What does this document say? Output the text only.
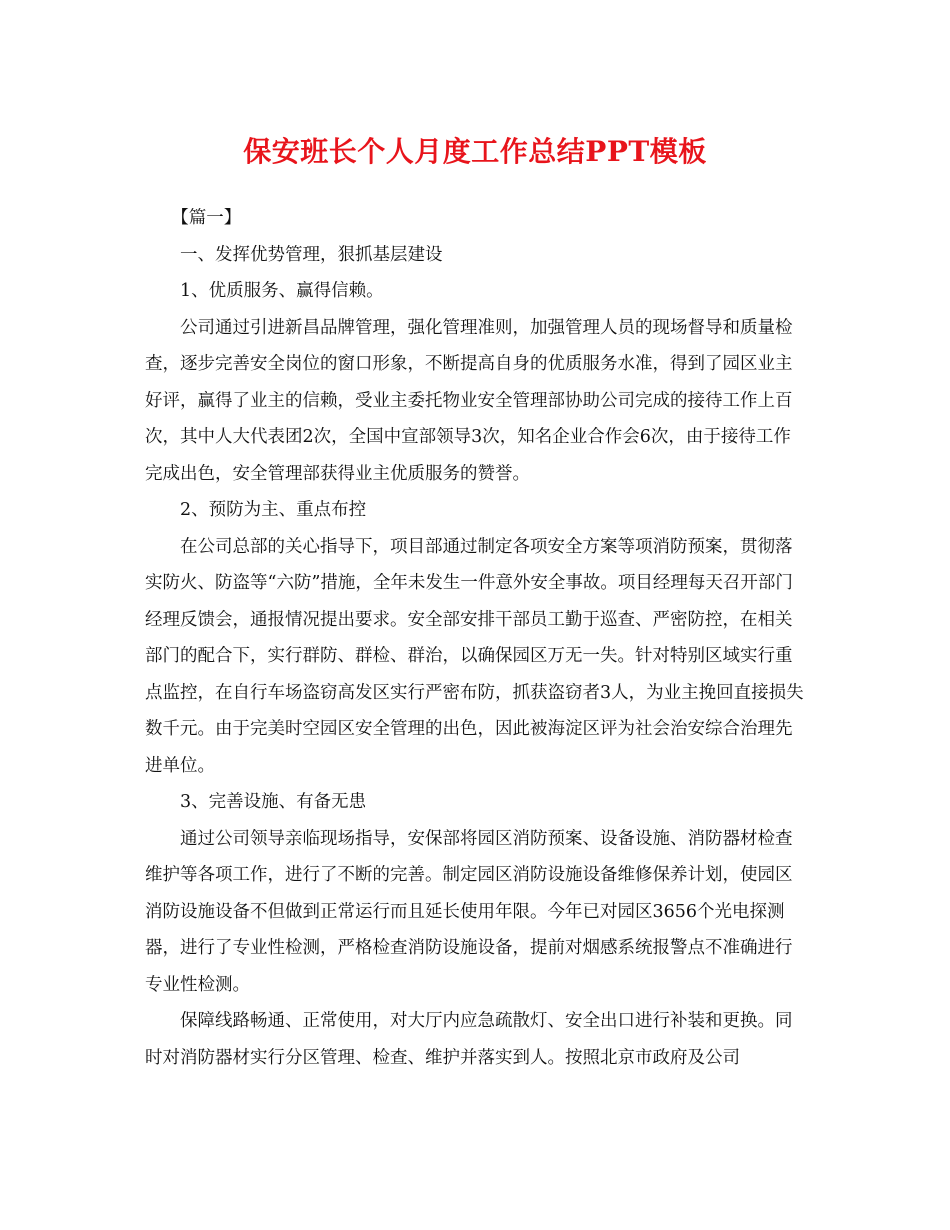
保安班长个人月度工作总结PPT模板

【篇一】

一、发挥优势管理，狠抓基层建设

1、优质服务、赢得信赖。

公司通过引进新昌品牌管理，强化管理准则，加强管理人员的现场督导和质量检查，逐步完善安全岗位的窗口形象，不断提高自身的优质服务水准，得到了园区业主好评，赢得了业主的信赖，受业主委托物业安全管理部协助公司完成的接待工作上百次，其中人大代表团2次，全国中宣部领导3次，知名企业合作会6次，由于接待工作完成出色，安全管理部获得业主优质服务的赞誉。

2、预防为主、重点布控

在公司总部的关心指导下，项目部通过制定各项安全方案等项消防预案，贯彻落实防火、防盗等“六防”措施，全年未发生一件意外安全事故。项目经理每天召开部门经理反馈会，通报情况提出要求。安全部安排干部员工勤于巡查、严密防控，在相关部门的配合下，实行群防、群检、群治，以确保园区万无一失。针对特别区域实行重点监控，在自行车场盗窃高发区实行严密布防，抓获盗窃者3人，为业主挽回直接损失数千元。由于完美时空园区安全管理的出色，因此被海淀区评为社会治安综合治理先进单位。

3、完善设施、有备无患

通过公司领导亲临现场指导，安保部将园区消防预案、设备设施、消防器材检查维护等各项工作，进行了不断的完善。制定园区消防设施设备维修保养计划，使园区消防设施设备不但做到正常运行而且延长使用年限。今年已对园区3656个光电探测器，进行了专业性检测，严格检查消防设施设备，提前对烟感系统报警点不准确进行专业性检测。

保障线路畅通、正常使用，对大厅内应急疏散灯、安全出口进行补装和更换。同时对消防器材实行分区管理、检查、维护并落实到人。按照北京市政府及公司
